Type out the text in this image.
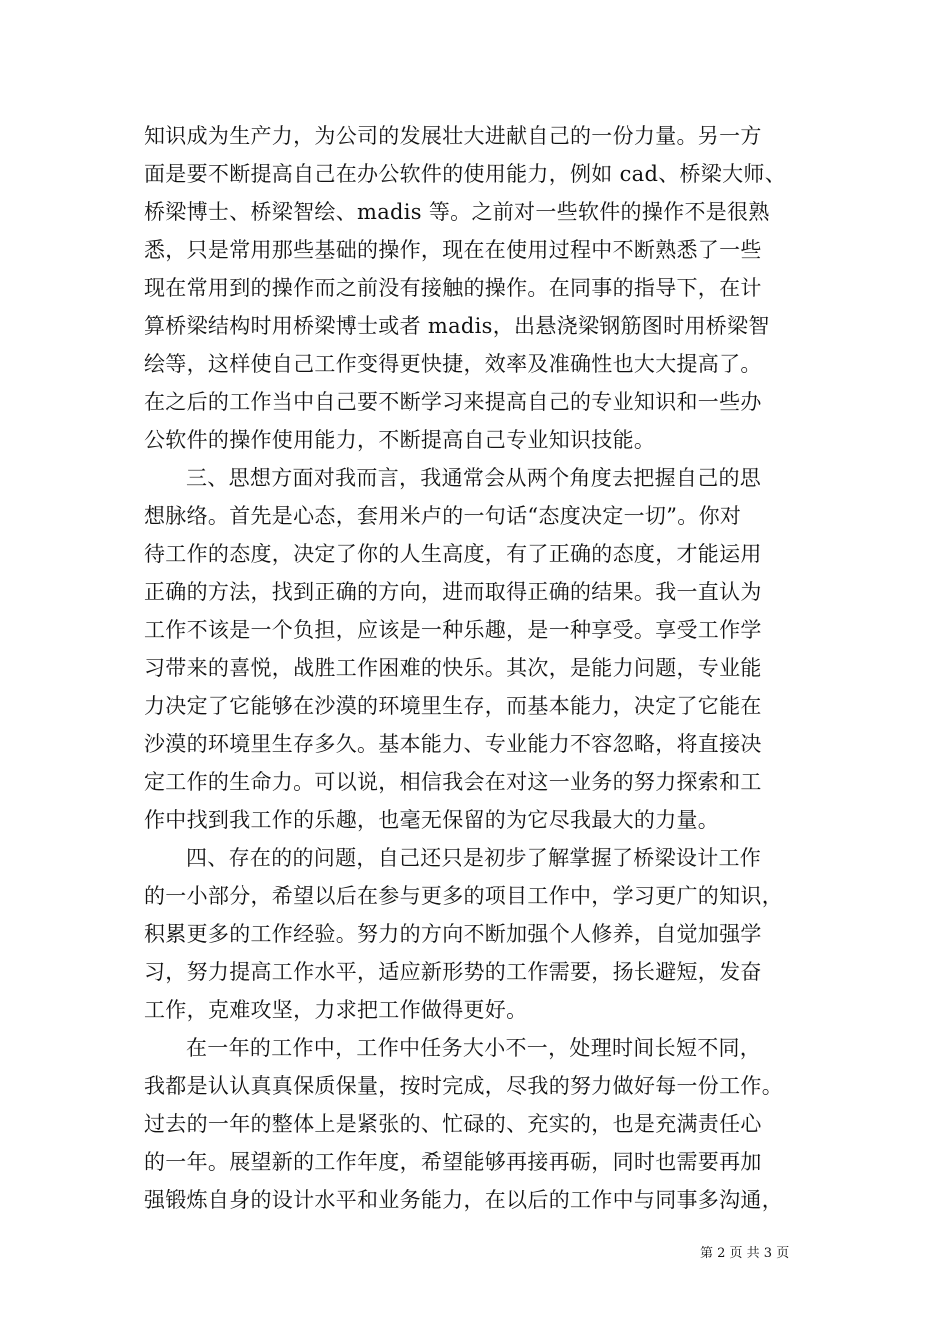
知识成为生产力，为公司的发展壮大进献自己的一份力量。另一方
面是要不断提高自己在办公软件的使用能力，例如 cad、桥梁大师、
桥梁博士、桥梁智绘、madis 等。之前对一些软件的操作不是很熟
悉，只是常用那些基础的操作，现在在使用过程中不断熟悉了一些
现在常用到的操作而之前没有接触的操作。在同事的指导下，在计
算桥梁结构时用桥梁博士或者 madis，出悬浇梁钢筋图时用桥梁智
绘等，这样使自己工作变得更快捷，效率及准确性也大大提高了。
在之后的工作当中自己要不断学习来提高自己的专业知识和一些办
公软件的操作使用能力，不断提高自己专业知识技能。
三、思想方面对我而言，我通常会从两个角度去把握自己的思
想脉络。首先是心态，套用米卢的一句话“态度决定一切”。你对
待工作的态度，决定了你的人生高度，有了正确的态度，才能运用
正确的方法，找到正确的方向，进而取得正确的结果。我一直认为
工作不该是一个负担，应该是一种乐趣，是一种享受。享受工作学
习带来的喜悦，战胜工作困难的快乐。其次，是能力问题，专业能
力决定了它能够在沙漠的环境里生存，而基本能力，决定了它能在
沙漠的环境里生存多久。基本能力、专业能力不容忽略，将直接决
定工作的生命力。可以说，相信我会在对这一业务的努力探索和工
作中找到我工作的乐趣，也毫无保留的为它尽我最大的力量。
四、存在的的问题，自己还只是初步了解掌握了桥梁设计工作
的一小部分，希望以后在参与更多的项目工作中，学习更广的知识，
积累更多的工作经验。努力的方向不断加强个人修养，自觉加强学
习，努力提高工作水平，适应新形势的工作需要，扬长避短，发奋
工作，克难攻坚，力求把工作做得更好。
在一年的工作中，工作中任务大小不一，处理时间长短不同，
我都是认认真真保质保量，按时完成，尽我的努力做好每一份工作。
过去的一年的整体上是紧张的、忙碌的、充实的，也是充满责任心
的一年。展望新的工作年度，希望能够再接再砺，同时也需要再加
强锻炼自身的设计水平和业务能力，在以后的工作中与同事多沟通，
第 2 页 共 3 页
